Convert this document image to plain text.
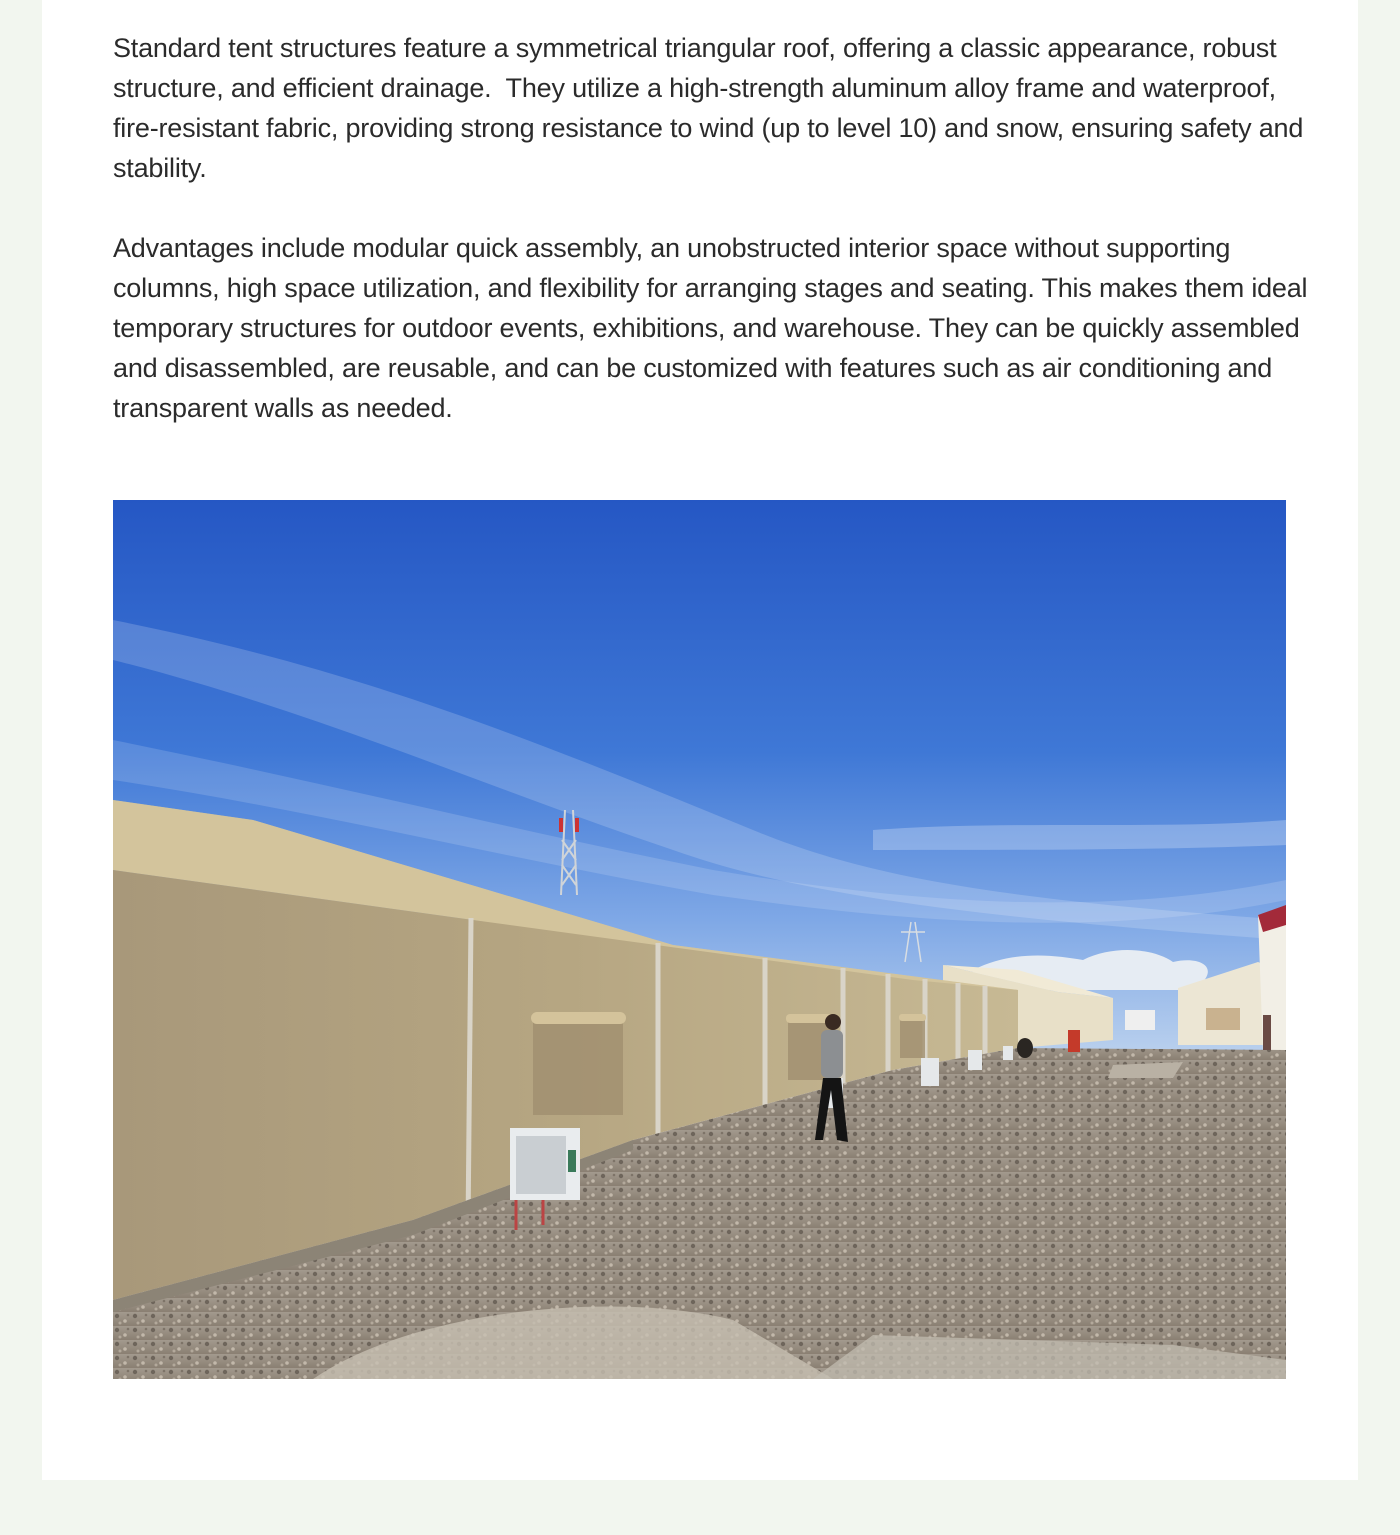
Standard tent structures feature a symmetrical triangular roof, offering a classic appearance, robust structure, and efficient drainage.  They utilize a high-strength aluminum alloy frame and waterproof, fire-resistant fabric, providing strong resistance to wind (up to level 10) and snow, ensuring safety and stability.

Advantages include modular quick assembly, an unobstructed interior space without supporting columns, high space utilization, and flexibility for arranging stages and seating. This makes them ideal temporary structures for outdoor events, exhibitions, and warehouse. They can be quickly assembled and disassembled, are reusable, and can be customized with features such as air conditioning and transparent walls as needed.
